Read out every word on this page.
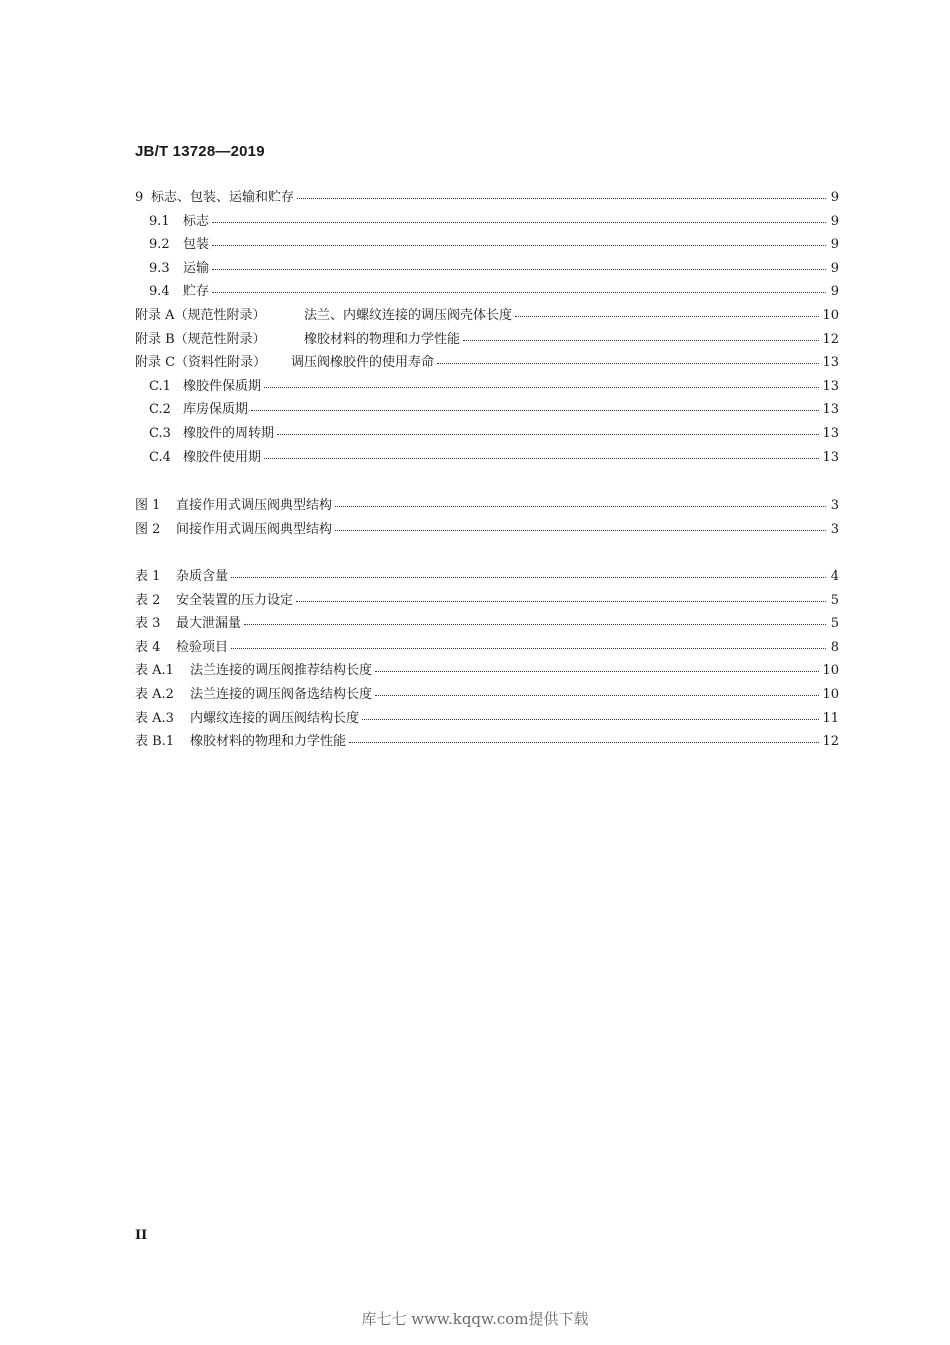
JB/T 13728—2019
9 标志、包装、运输和贮存	9
9.1	标志	9
9.2	包装	9
9.3	运输	9
9.4	贮存	9
附录 A（规范性附录）	法兰、内螺纹连接的调压阀壳体长度	10
附录 B（规范性附录）	橡胶材料的物理和力学性能	12
附录 C（资料性附录）	调压阀橡胶件的使用寿命	13
C.1 橡胶件保质期	13
C.2 库房保质期	13
C.3 橡胶件的周转期	13
C.4 橡胶件使用期	13
图 1	直接作用式调压阀典型结构	3
图 2	间接作用式调压阀典型结构	3
表 1	杂质含量	4
表 2	安全装置的压力设定	5
表 3	最大泄漏量	5
表 4	检验项目	8
表 A.1	法兰连接的调压阀推荐结构长度	10
表 A.2	法兰连接的调压阀备选结构长度	10
表 A.3	内螺纹连接的调压阀结构长度	11
表 B.1	橡胶材料的物理和力学性能	12
II
库七七 www.kqqw.com提供下载
